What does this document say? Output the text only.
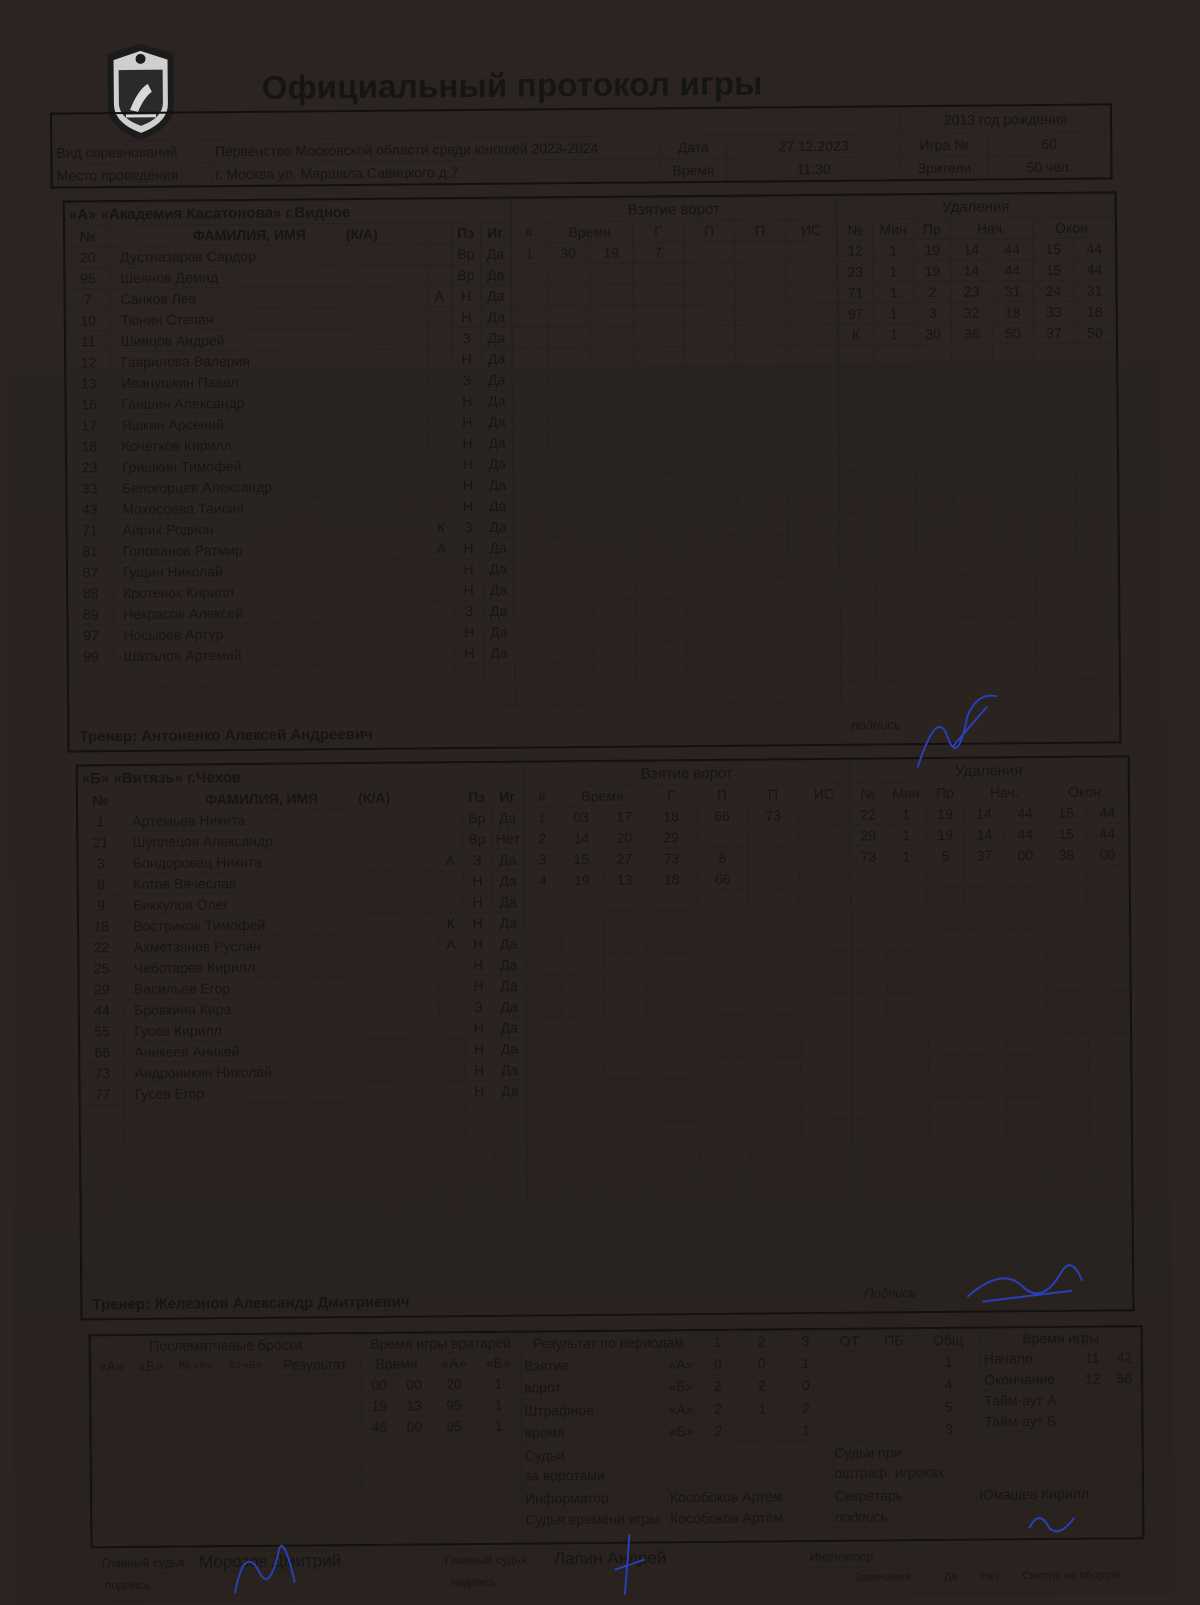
Официальный протокол игры
				2013 год рождения	
Вид соревнований	Первенство Московской области среди юношей 2023-2024	Дата	27.12.2023	Игра №	60
Место проведения	г. Москва ул. Маршала Савицкого д.7	Время	11:30	Зрители	50 чел.
«А» «Академия Касатонова» г.Видное				
№	ФАМИЛИЯ, ИМЯ (К/А)		Пз	Иг
20	Дустназаров Сардор		Вр	Да
95	Шеянов Демид		Вр	Да
7	Санков Лев	А	Н	Да
10	Тюнин Степан		Н	Да
11	Шивцов Андрей		З	Да
12	Гаврилова Валерия		Н	Да
13	Иванушкин Павел		З	Да
16	Ганшин Александр		Н	Да
17	Яшкин Арсений		Н	Да
18	Кочетков Кирилл		Н	Да
23	Гришкин Тимофей		Н	Да
33	Белогорцев Александр		Н	Да
43	Мохосоева Таисия		Н	Да
71	Айрих Родион	К	З	Да
81	Голованов Ратмир	А	Н	Да
87	Гущин Николай		Н	Да
88	Кротенок Кирилл		Н	Да
89	Некрасов Алексей		З	Да
97	Носырев Артур		Н	Да
99	Шаталов Артемий		Н	Да

Взятие ворот						
#	Время		Г	П	П	ИС
1	30	19	7			

Удаления						
№	Мин	Пр	Нач.		Окон.	
12	1	19	14	44	15	44
23	1	19	14	44	15	44
71	1	2	23	31	24	31
97	1	3	32	18	33	18
К	1	30	36	50	37	50

Тренер: Антоненко Алексей Андреевич
подпись
«Б» «Витязь» г.Чехов				
№	ФАМИЛИЯ, ИМЯ (К/А)		Пз	Иг
1	Артемьев Никита		Вр	Да
21	Шуплецов Александр		Вр	Нет
3	Бондоровец Никита	А	З	Да
8	Котов Вячеслав		Н	Да
9	Биккулов Олег		Н	Да
18	Востриков Тимофей	К	Н	Да
22	Ахметзянов Руслан	А	Н	Да
25	Чеботарев Кирилл		Н	Да
29	Васильев Егор		Н	Да
44	Бровкина Кира		З	Да
55	Гусев Кирилл		Н	Да
66	Аникеев Аникей		Н	Да
73	Андроникян Николай		Н	Да
77	Гусев Егор		Н	Да

Взятие ворот						
#	Время		Г	П	П	ИС
1	03	17	18	66	73	
2	14	20	29			
3	15	27	73	8		
4	19	13	18	66		

Удаления						
№	Мин	Пр	Нач.		Окон.	
22	1	19	14	44	15	44
29	1	19	14	44	15	44
73	1	5	37	00	38	00

Тренер: Железнов Александр Дмитриевич
Подпись
Послематчевые броски				
«А»	«Б»	Вр «А»	Вр «Б»	Результат

Время игры вратарей			
Время		«А»	«Б»
00	00	20	1
19	13	95	1
45	00	95	1

Результат по периодам		1	2	3	ОТ	ПБ	Общ
Взятие
ворот	«А»	0	0	1			1
	«Б»	2	2	0			4
Штрафное
время	«А»	2	1	2			5
	«Б»	2		1			3
Время игры		
Начало	11	42
Окончание	12	56
Тайм-аут А		
Тайм-аут Б		
Судьи
за воротами		Судьи при
оштраф. игроках	
Информатор	Кособоков Артём	Секретарь	Юмашев Кирилл
Судья времени игры	Кособоков Артём	подпись	
Главный судья	Морозов Дмитрий	Главный судья	Лапин Андрей	Инспектор	
подпись	подпись	Замечания	Да Нет Смотри на обороте
